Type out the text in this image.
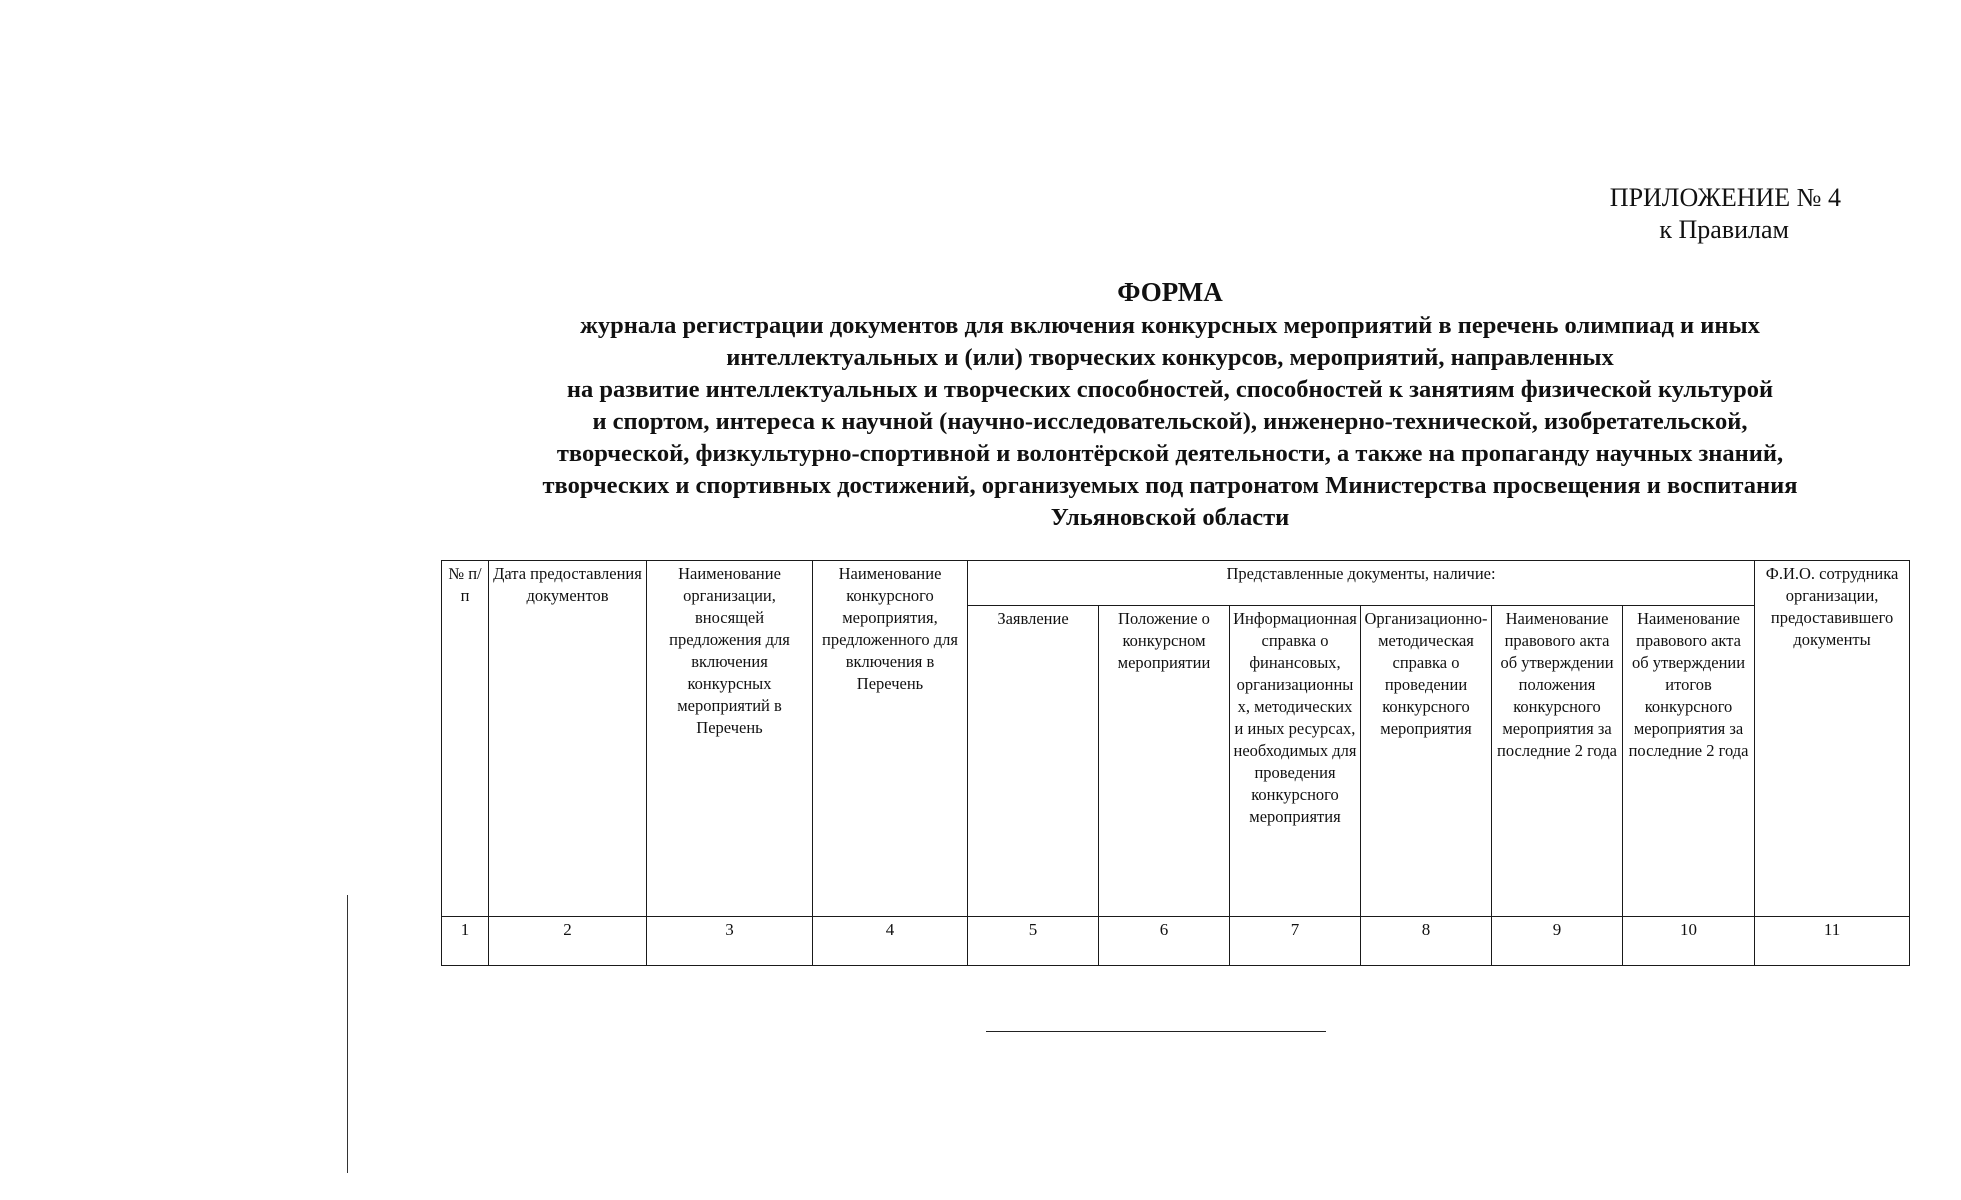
ПРИЛОЖЕНИЕ № 4
к Правилам
ФОРМА
журнала регистрации документов для включения конкурсных мероприятий в перечень олимпиад и иных
интеллектуальных и (или) творческих конкурсов, мероприятий, направленных
на развитие интеллектуальных и творческих способностей, способностей к занятиям физической культурой
и спортом, интереса к научной (научно-исследовательской), инженерно-технической, изобретательской,
творческой, физкультурно-спортивной и волонтёрской деятельности, а также на пропаганду научных знаний,
творческих и спортивных достижений, организуемых под патронатом Министерства просвещения и воспитания
Ульяновской области
№ п/п	Дата предоставления документов	Наименование организации, вносящей предложения для включения конкурсных мероприятий в Перечень	Наименование конкурсного мероприятия, предложенного для включения в Перечень	Представленные документы, наличие:						Ф.И.О. сотрудника организации, предоставившего документы
				Заявление	Положение о конкурсном мероприятии	Информационная справка о финансовых, организационных, методических и иных ресурсах, необходимых для проведения конкурсного мероприятия	Организационно-методическая справка о проведении конкурсного мероприятия	Наименование правового акта об утверждении положения конкурсного мероприятия за последние 2 года	Наименование правового акта об утверждении итогов конкурсного мероприятия за последние 2 года	
1	2	3	4	5	6	7	8	9	10	11
